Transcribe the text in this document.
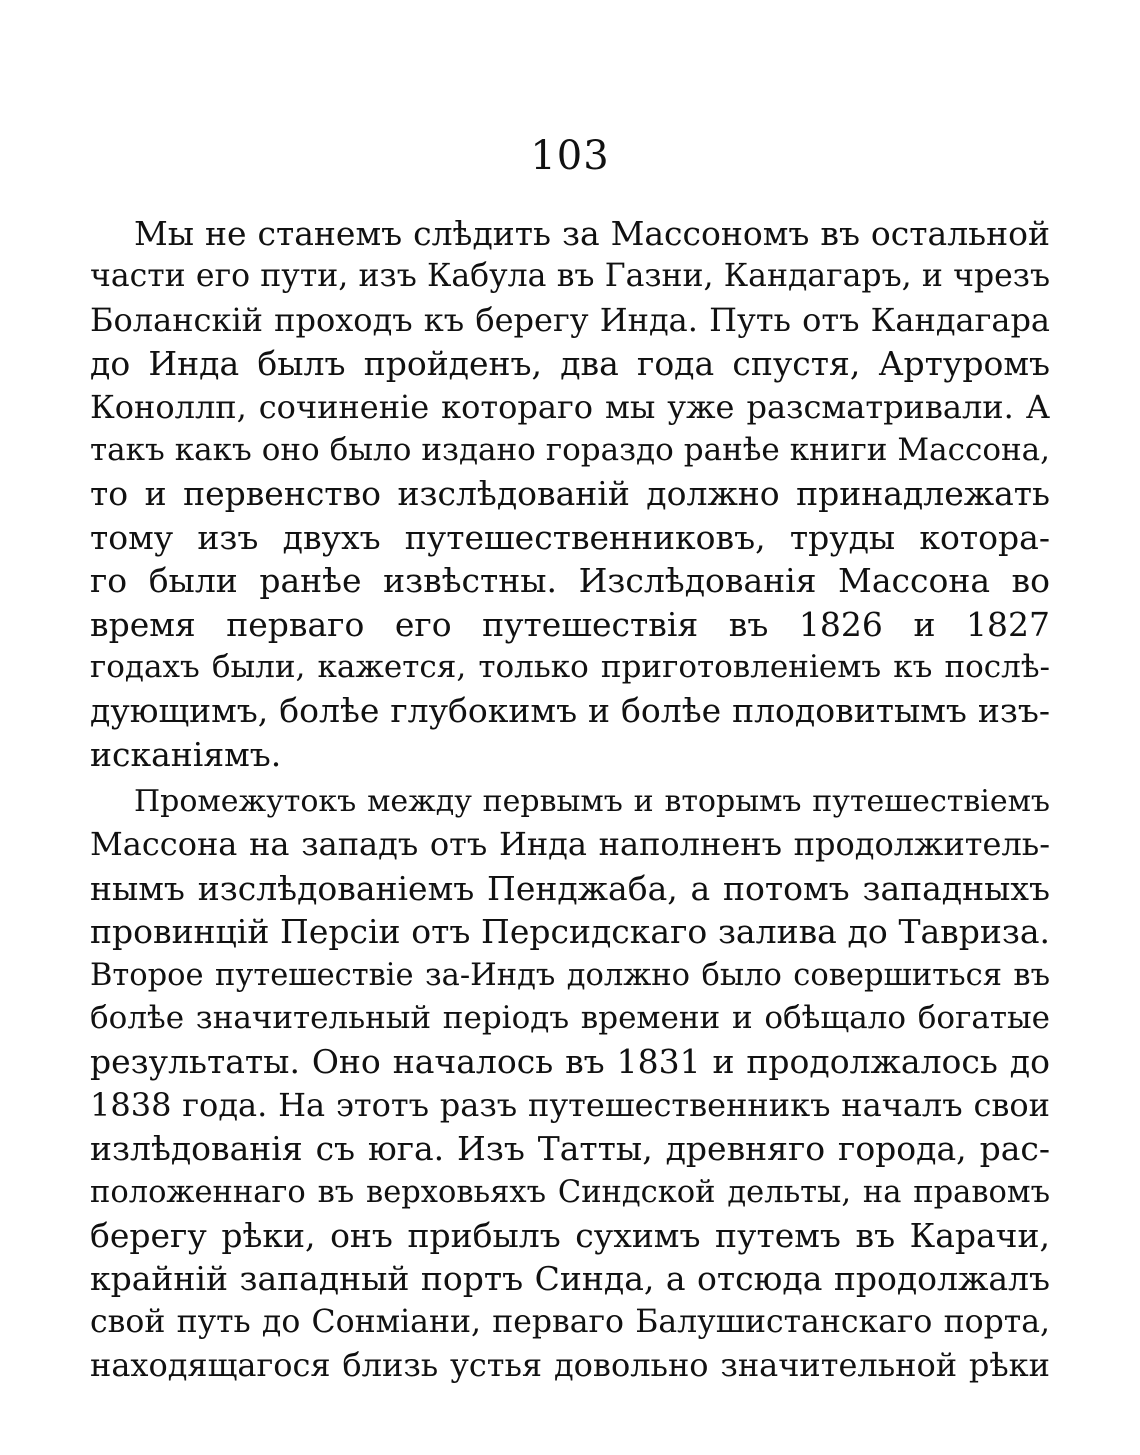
103
Мы не станемъ слѣдить за Массономъ въ остальной
части его пути, изъ Кабула въ Газни, Кандагаръ, и чрезъ
Боланскій проходъ къ берегу Инда. Путь отъ Кандагара
до Инда былъ пройденъ, два года спустя, Артуромъ
Коноллп, сочиненіе котораго мы уже разсматривали. А
такъ какъ оно было издано гораздо ранѣе книги Массона,
то и первенство изслѣдованій должно принадлежать
тому изъ двухъ путешественниковъ, труды котора-
го были ранѣе извѣстны. Изслѣдованія Массона во
время перваго его путешествія въ 1826 и 1827
годахъ были, кажется, только приготовленіемъ къ послѣ-
дующимъ, болѣе глубокимъ и болѣе плодовитымъ изъ-
исканіямъ.
Промежутокъ между первымъ и вторымъ путешествіемъ
Массона на западъ отъ Инда наполненъ продолжитель-
нымъ изслѣдованіемъ Пенджаба, а потомъ западныхъ
провинцій Персіи отъ Персидскаго залива до Тавриза.
Второе путешествіе за-Индъ должно было совершиться въ
болѣе значительный періодъ времени и обѣщало богатые
результаты. Оно началось въ 1831 и продолжалось до
1838 года. На этотъ разъ путешественникъ началъ свои
излѣдованія съ юга. Изъ Татты, древняго города, рас-
положеннаго въ верховьяхъ Синдской дельты, на правомъ
берегу рѣки, онъ прибылъ сухимъ путемъ въ Карачи,
крайній западный портъ Синда, а отсюда продолжалъ
свой путь до Сонміани, перваго Балушистанскаго порта,
находящагося близь устья довольно значительной рѣки
